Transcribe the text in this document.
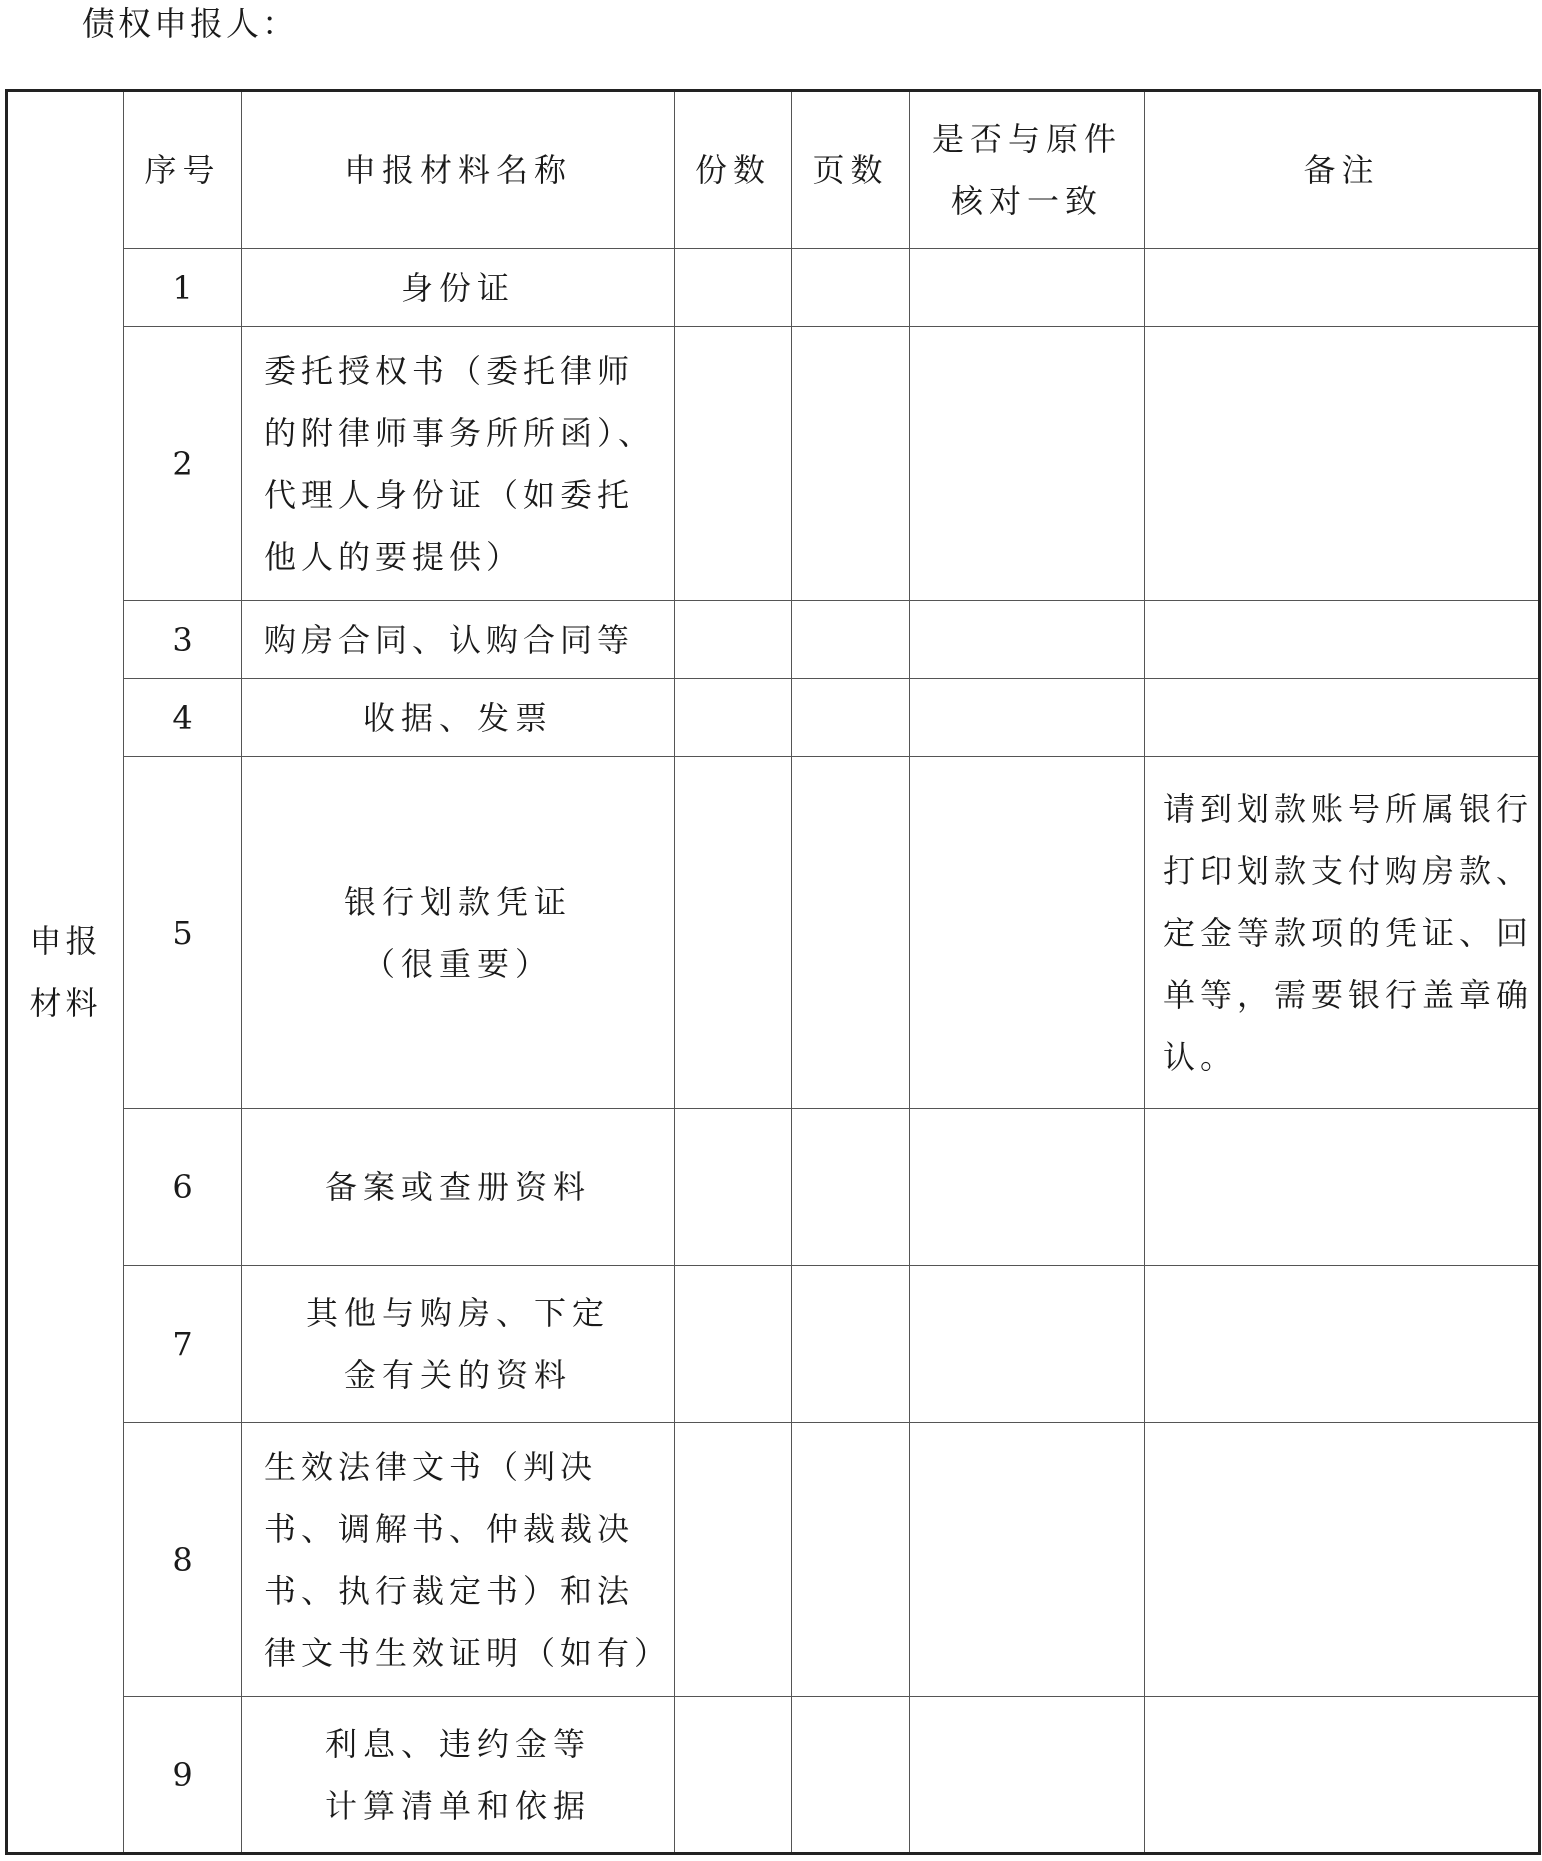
债权申报人：
申报材料	序号	申报材料名称	份数	页数	是否与原件核对一致	备注
	1	身份证				
	2	委托授权书（委托律师的附律师事务所所函）、代理人身份证（如委托他人的要提供）				
	3	购房合同、认购合同等				
	4	收据、发票				
	5	银行划款凭证（很重要）				请到划款账号所属银行打印划款支付购房款、定金等款项的凭证、回单等，需要银行盖章确认。
	6	备案或查册资料				
	7	其他与购房、下定金有关的资料				
	8	生效法律文书（判决书、调解书、仲裁裁决书、执行裁定书）和法律文书生效证明（如有）				
	9	利息、违约金等计算清单和依据				
